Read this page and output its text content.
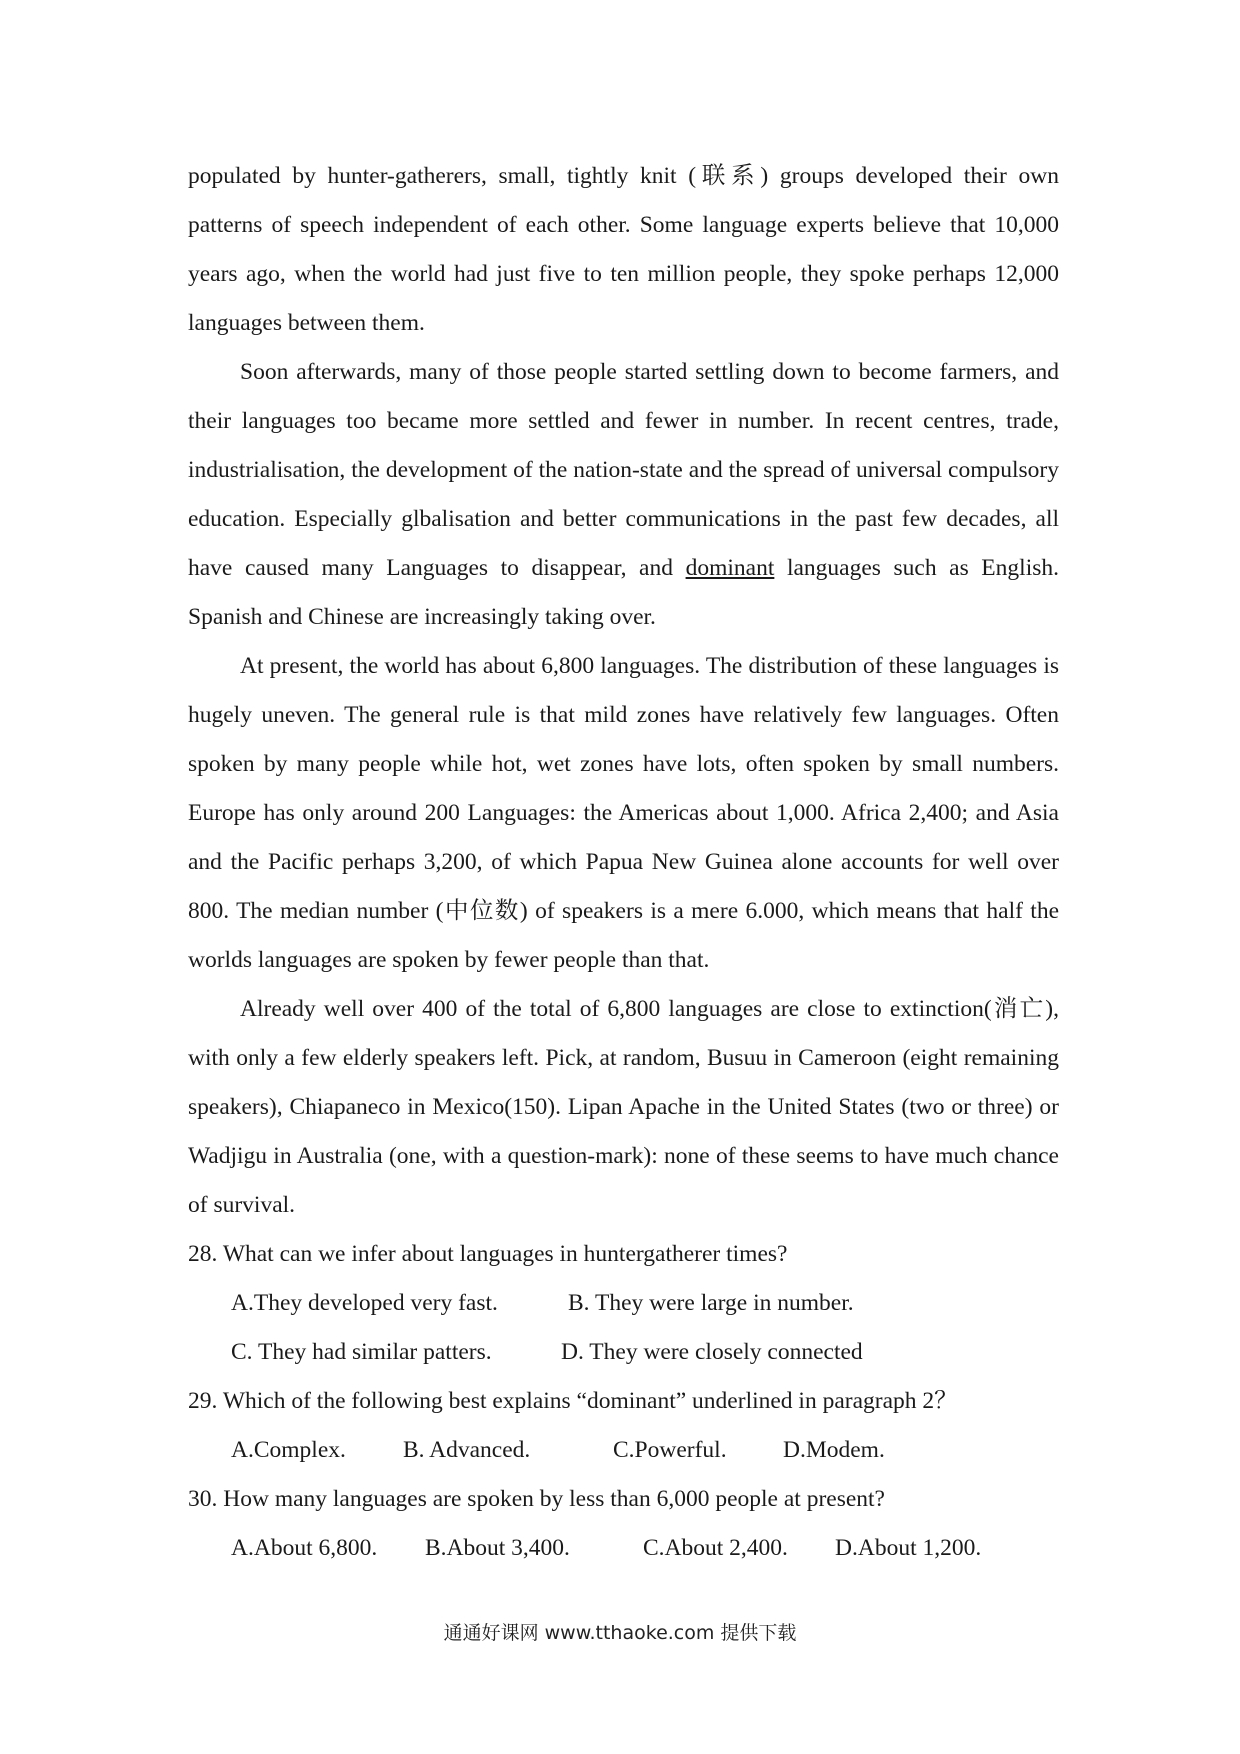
populated by hunter-gatherers, small, tightly knit (联系) groups developed their own patterns of speech independent of each other. Some language experts believe that 10,000 years ago, when the world had just five to ten million people, they spoke perhaps 12,000 languages between them.

Soon afterwards, many of those people started settling down to become farmers, and their languages too became more settled and fewer in number. In recent centres, trade, industrialisation, the development of the nation-state and the spread of universal compulsory education. Especially glbalisation and better communications in the past few decades, all have caused many Languages to disappear, and dominant languages such as English. Spanish and Chinese are increasingly taking over.

At present, the world has about 6,800 languages. The distribution of these languages is hugely uneven. The general rule is that mild zones have relatively few languages. Often spoken by many people while hot, wet zones have lots, often spoken by small numbers. Europe has only around 200 Languages: the Americas about 1,000. Africa 2,400; and Asia and the Pacific perhaps 3,200, of which Papua New Guinea alone accounts for well over 800. The median number (中位数) of speakers is a mere 6.000, which means that half the worlds languages are spoken by fewer people than that.

Already well over 400 of the total of 6,800 languages are close to extinction(消亡), with only a few elderly speakers left. Pick, at random, Busuu in Cameroon (eight remaining speakers), Chiapaneco in Mexico(150). Lipan Apache in the United States (two or three) or Wadjigu in Australia (one, with a question-mark): none of these seems to have much chance of survival.

28. What can we infer about languages in huntergatherer times?

A.They developed very fast.	B. They were large in number.
C. They had similar patters.	D. They were closely connected

29. Which of the following best explains “dominant” underlined in paragraph 2？

A.Complex.	B. Advanced.	C.Powerful.	D.Modem.

30. How many languages are spoken by less than 6,000 people at present?

A.About 6,800.	B.About 3,400.	C.About 2,400.	D.About 1,200.
通通好课网 www.tthaoke.com 提供下载
